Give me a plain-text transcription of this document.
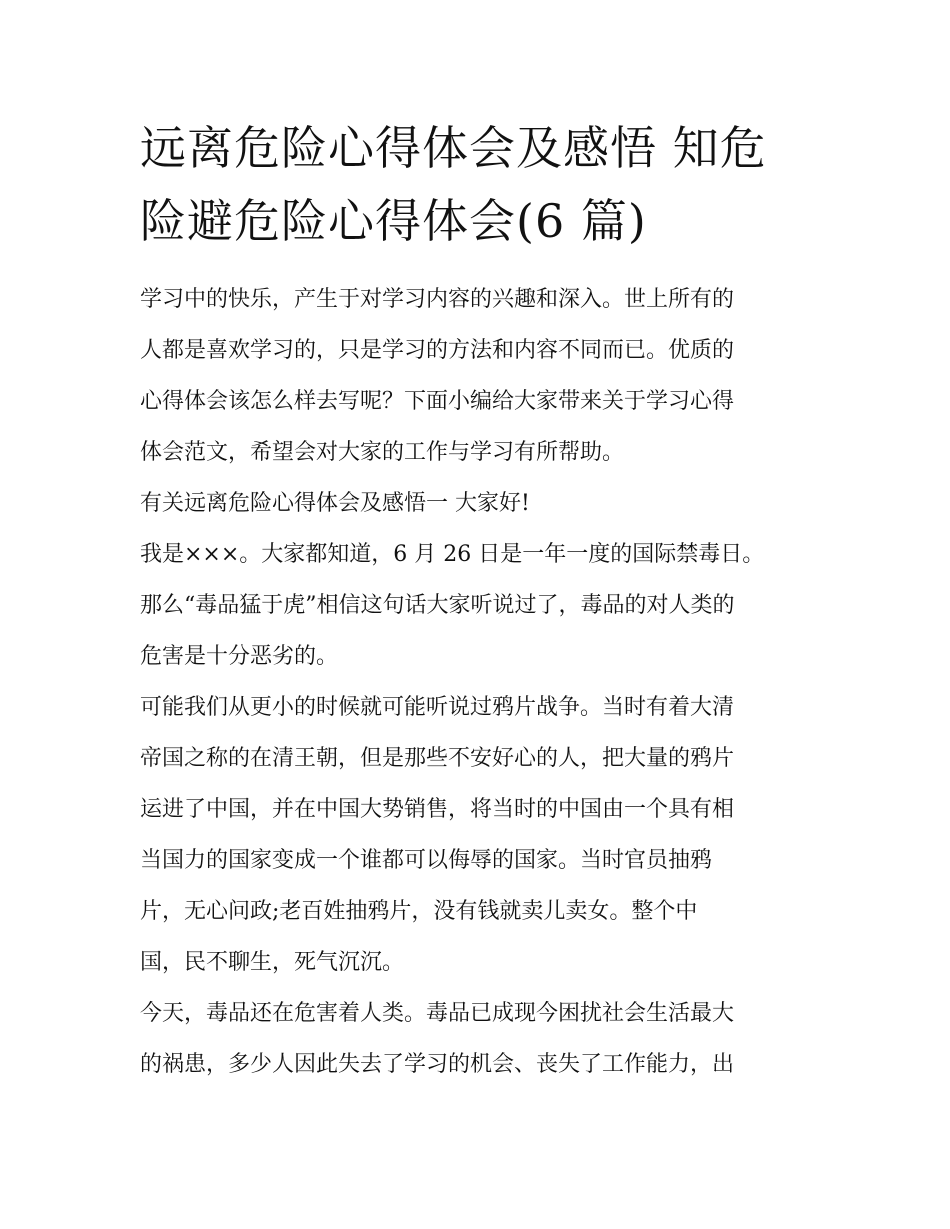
远离危险心得体会及感悟 知危
险避危险心得体会(6 篇)
学习中的快乐，产生于对学习内容的兴趣和深入。世上所有的
人都是喜欢学习的，只是学习的方法和内容不同而已。优质的
心得体会该怎么样去写呢？下面小编给大家带来关于学习心得
体会范文，希望会对大家的工作与学习有所帮助。
有关远离危险心得体会及感悟一 大家好!
我是×××。大家都知道，6 月 26 日是一年一度的国际禁毒日。
那么“毒品猛于虎”相信这句话大家听说过了，毒品的对人类的
危害是十分恶劣的。
可能我们从更小的时候就可能听说过鸦片战争。当时有着大清
帝国之称的在清王朝，但是那些不安好心的人，把大量的鸦片
运进了中国，并在中国大势销售，将当时的中国由一个具有相
当国力的国家变成一个谁都可以侮辱的国家。当时官员抽鸦
片，无心问政;老百姓抽鸦片，没有钱就卖儿卖女。整个中
国，民不聊生，死气沉沉。
今天，毒品还在危害着人类。毒品已成现今困扰社会生活最大
的祸患，多少人因此失去了学习的机会、丧失了工作能力，出
